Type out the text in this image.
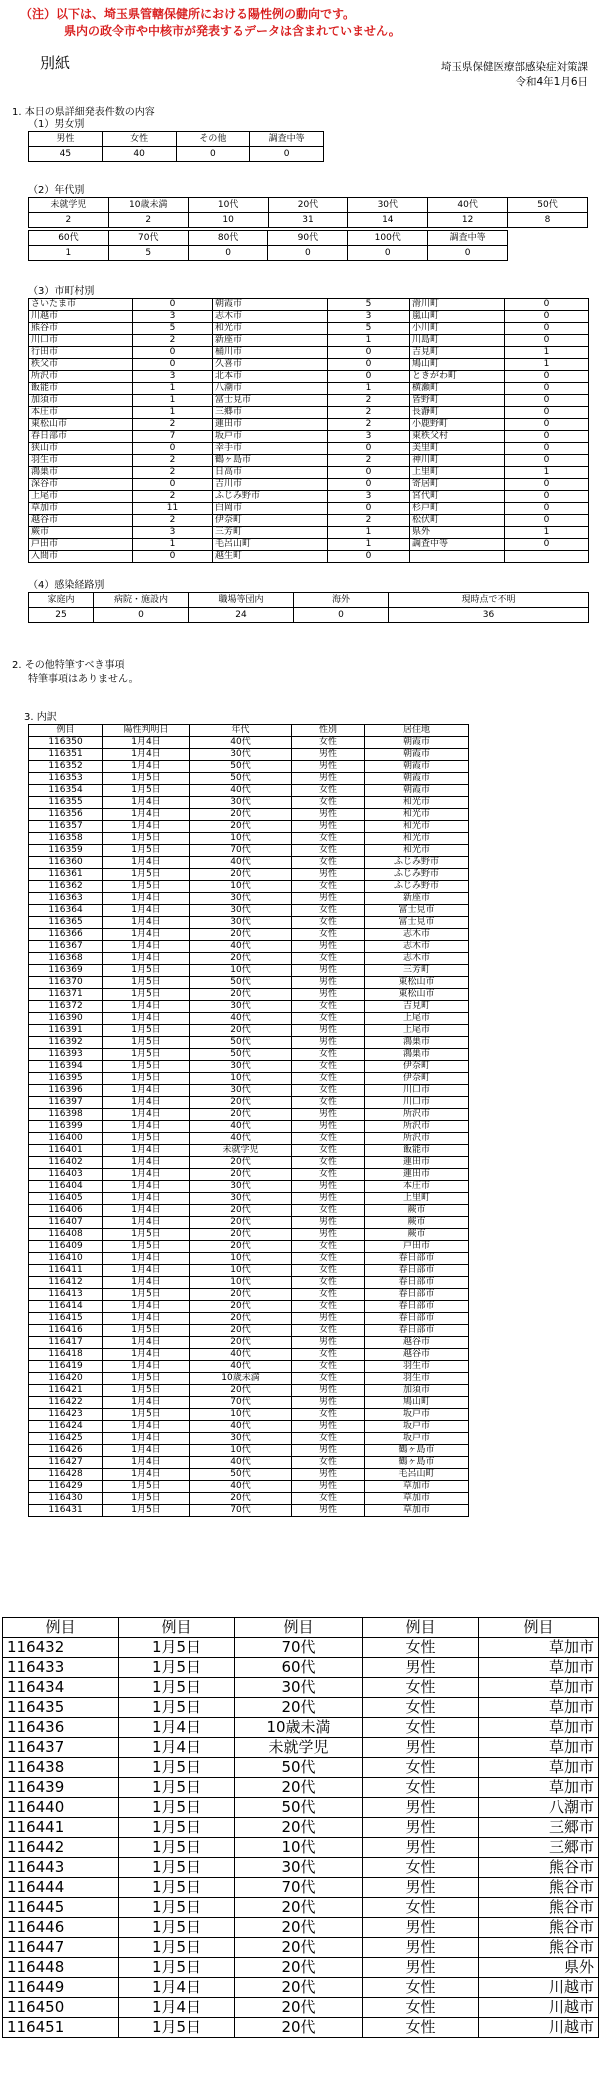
（注）以下は、埼玉県管轄保健所における陽性例の動向です。
県内の政令市や中核市が発表するデータは含まれていません。
別紙	埼玉県保健医療部感染症対策課
令和4年1月6日
1. 本日の県詳細発表件数の内容
（1）男女別
男性	女性	その他	調査中等
45	40	0	0
（2）年代別
未就学児	10歳未満	10代	20代	30代	40代	50代
2	2	10	31	14	12	8
60代	70代	80代	90代	100代	調査中等
1	5	0	0	0	0
（3）市町村別
さいたま市	0	朝霞市	5	滑川町	0
川越市	3	志木市	3	嵐山町	0
熊谷市	5	和光市	5	小川町	0
川口市	2	新座市	1	川島町	0
行田市	0	桶川市	0	吉見町	1
秩父市	0	久喜市	0	鳩山町	1
所沢市	3	北本市	0	ときがわ町	0
飯能市	1	八潮市	1	横瀬町	0
加須市	1	富士見市	2	皆野町	0
本庄市	1	三郷市	2	長瀞町	0
東松山市	2	蓮田市	2	小鹿野町	0
春日部市	7	坂戸市	3	東秩父村	0
狭山市	0	幸手市	0	美里町	0
羽生市	2	鶴ヶ島市	2	神川町	0
鴻巣市	2	日高市	0	上里町	1
深谷市	0	吉川市	0	寄居町	0
上尾市	2	ふじみ野市	3	宮代町	0
草加市	11	白岡市	0	杉戸町	0
越谷市	2	伊奈町	2	松伏町	0
蕨市	3	三芳町	1	県外	1
戸田市	1	毛呂山町	1	調査中等	0
入間市	0	越生町	0		
（4）感染経路別
家庭内	病院・施設内	職場等団内	海外	現時点で不明
25	0	24	0	36
2. その他特筆すべき事項
特筆事項はありません。
3. 内訳
例目	陽性判明日	年代	性別	居住地
116350	1月4日	40代	女性	朝霞市
116351	1月4日	30代	男性	朝霞市
116352	1月4日	50代	男性	朝霞市
116353	1月5日	50代	男性	朝霞市
116354	1月5日	40代	女性	朝霞市
116355	1月4日	30代	女性	和光市
116356	1月4日	20代	男性	和光市
116357	1月4日	20代	男性	和光市
116358	1月5日	10代	女性	和光市
116359	1月5日	70代	女性	和光市
116360	1月4日	40代	女性	ふじみ野市
116361	1月5日	20代	男性	ふじみ野市
116362	1月5日	10代	女性	ふじみ野市
116363	1月4日	30代	男性	新座市
116364	1月4日	30代	女性	富士見市
116365	1月4日	30代	女性	富士見市
116366	1月4日	20代	女性	志木市
116367	1月4日	40代	男性	志木市
116368	1月4日	20代	女性	志木市
116369	1月5日	10代	男性	三芳町
116370	1月5日	50代	男性	東松山市
116371	1月5日	20代	男性	東松山市
116372	1月4日	30代	女性	吉見町
116390	1月4日	40代	女性	上尾市
116391	1月5日	20代	男性	上尾市
116392	1月5日	50代	男性	鴻巣市
116393	1月5日	50代	女性	鴻巣市
116394	1月5日	30代	女性	伊奈町
116395	1月5日	10代	女性	伊奈町
116396	1月4日	30代	女性	川口市
116397	1月4日	20代	女性	川口市
116398	1月4日	20代	男性	所沢市
116399	1月4日	40代	男性	所沢市
116400	1月5日	40代	女性	所沢市
116401	1月4日	未就学児	女性	飯能市
116402	1月4日	20代	女性	蓮田市
116403	1月4日	20代	女性	蓮田市
116404	1月4日	30代	男性	本庄市
116405	1月4日	30代	男性	上里町
116406	1月4日	20代	女性	蕨市
116407	1月4日	20代	男性	蕨市
116408	1月5日	20代	男性	蕨市
116409	1月5日	20代	女性	戸田市
116410	1月4日	10代	女性	春日部市
116411	1月4日	10代	女性	春日部市
116412	1月4日	10代	女性	春日部市
116413	1月5日	20代	女性	春日部市
116414	1月4日	20代	女性	春日部市
116415	1月4日	20代	男性	春日部市
116416	1月5日	20代	女性	春日部市
116417	1月4日	20代	男性	越谷市
116418	1月4日	40代	女性	越谷市
116419	1月4日	40代	女性	羽生市
116420	1月5日	10歳未満	女性	羽生市
116421	1月5日	20代	男性	加須市
116422	1月4日	70代	男性	鳩山町
116423	1月5日	10代	女性	坂戸市
116424	1月4日	40代	男性	坂戸市
116425	1月4日	30代	女性	坂戸市
116426	1月4日	10代	男性	鶴ヶ島市
116427	1月4日	40代	女性	鶴ヶ島市
116428	1月4日	50代	男性	毛呂山町
116429	1月5日	40代	男性	草加市
116430	1月5日	20代	女性	草加市
116431	1月5日	70代	男性	草加市
例目	例目	例目	例目	例目
116432	1月5日	70代	女性	草加市
116433	1月5日	60代	男性	草加市
116434	1月5日	30代	女性	草加市
116435	1月5日	20代	女性	草加市
116436	1月4日	10歳未満	女性	草加市
116437	1月4日	未就学児	男性	草加市
116438	1月5日	50代	女性	草加市
116439	1月5日	20代	女性	草加市
116440	1月5日	50代	男性	八潮市
116441	1月5日	20代	男性	三郷市
116442	1月5日	10代	男性	三郷市
116443	1月5日	30代	女性	熊谷市
116444	1月5日	70代	男性	熊谷市
116445	1月5日	20代	女性	熊谷市
116446	1月5日	20代	男性	熊谷市
116447	1月5日	20代	男性	熊谷市
116448	1月5日	20代	男性	県外
116449	1月4日	20代	女性	川越市
116450	1月4日	20代	女性	川越市
116451	1月5日	20代	女性	川越市
